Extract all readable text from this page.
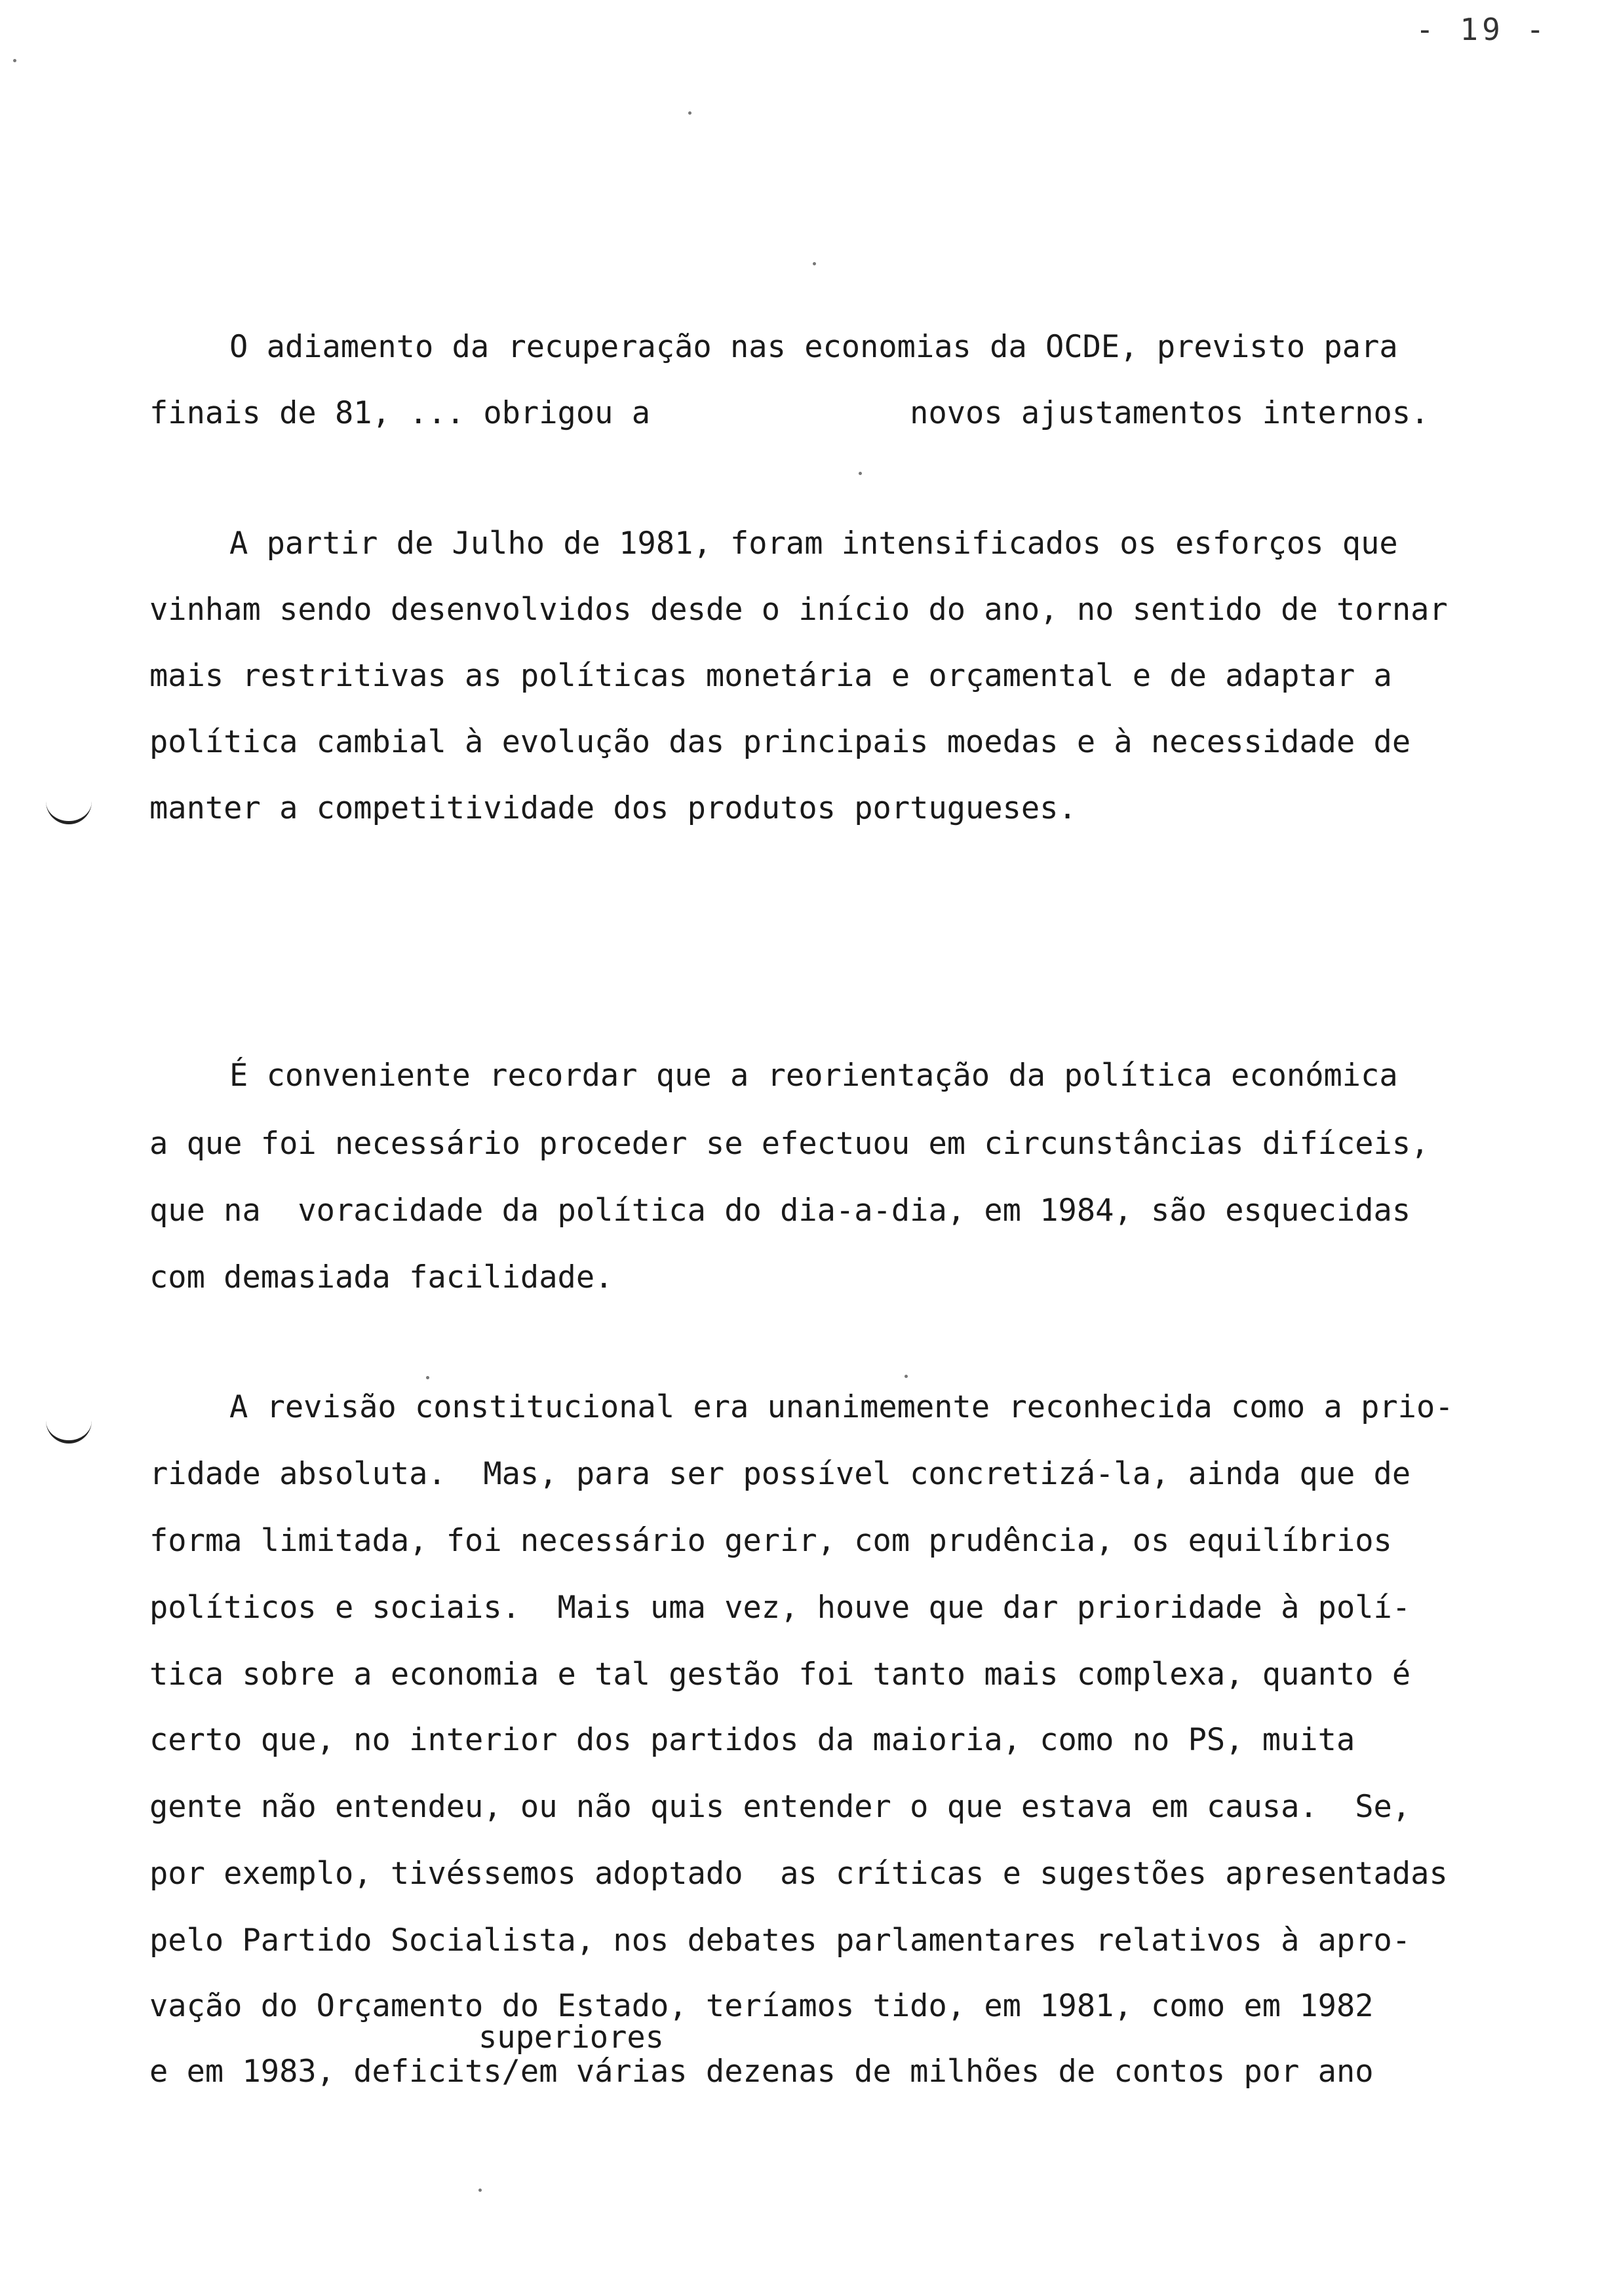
- 19 -
O adiamento da recuperação nas economias da OCDE, previsto para
finais de 81, ... obrigou a              novos ajustamentos internos.
A partir de Julho de 1981, foram intensificados os esforços que
vinham sendo desenvolvidos desde o início do ano, no sentido de tornar
mais restritivas as políticas monetária e orçamental e de adaptar a
política cambial à evolução das principais moedas e à necessidade de
manter a competitividade dos produtos portugueses.
É conveniente recordar que a reorientação da política económica
a que foi necessário proceder se efectuou em circunstâncias difíceis,
que na  voracidade da política do dia-a-dia, em 1984, são esquecidas
com demasiada facilidade.
A revisão constitucional era unanimemente reconhecida como a prio-
ridade absoluta.  Mas, para ser possível concretizá-la, ainda que de
forma limitada, foi necessário gerir, com prudência, os equilíbrios
políticos e sociais.  Mais uma vez, houve que dar prioridade à polí-
tica sobre a economia e tal gestão foi tanto mais complexa, quanto é
certo que, no interior dos partidos da maioria, como no PS, muita
gente não entendeu, ou não quis entender o que estava em causa.  Se,
por exemplo, tivéssemos adoptado  as críticas e sugestões apresentadas
pelo Partido Socialista, nos debates parlamentares relativos à apro-
vação do Orçamento do Estado, teríamos tido, em 1981, como em 1982
superiores
e em 1983, deficits/em várias dezenas de milhões de contos por ano
